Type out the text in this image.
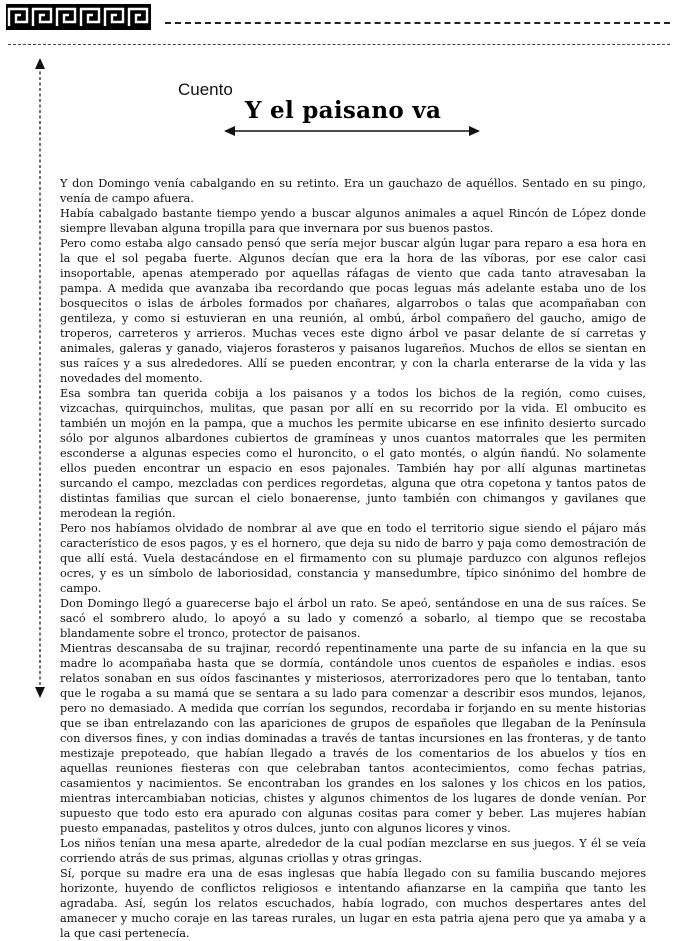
Cuento
Y el paisano va

Y don Domingo venía cabalgando en su retinto. Era un gauchazo de aquéllos. Sentado en su pingo, venía de campo afuera.

Había cabalgado bastante tiempo yendo a buscar algunos animales a aquel Rincón de López donde siempre llevaban alguna tropilla para que invernara por sus buenos pastos.

Pero como estaba algo cansado pensó que sería mejor buscar algún lugar para reparo a esa hora en la que el sol pegaba fuerte. Algunos decían que era la hora de las víboras, por ese calor casi insoportable, apenas atemperado por aquellas ráfagas de viento que cada tanto atravesaban la pampa. A medida que avanzaba iba recordando que pocas leguas más adelante estaba uno de los bosquecitos o islas de árboles formados por chañares, algarrobos o talas que acompañaban con gentileza, y como si estuvieran en una reunión, al ombú, árbol compañero del gaucho, amigo de troperos, carreteros y arrieros. Muchas veces este digno árbol ve pasar delante de sí carretas y animales, galeras y ganado, viajeros forasteros y paisanos lugareños. Muchos de ellos se sientan en sus raíces y a sus alrededores. Allí se pueden encontrar, y con la charla enterarse de la vida y las novedades del momento.

Esa sombra tan querida cobija a los paisanos y a todos los bichos de la región, como cuises, vizcachas, quirquinchos, mulitas, que pasan por allí en su recorrido por la vida. El ombucito es también un mojón en la pampa, que a muchos les permite ubicarse en ese infinito desierto surcado sólo por algunos albardones cubiertos de gramíneas y unos cuantos matorrales que les permiten esconderse a algunas especies como el huroncito, o el gato montés, o algún ñandú. No solamente ellos pueden encontrar un espacio en esos pajonales. También hay por allí algunas martinetas surcando el campo, mezcladas con perdices regordetas, alguna que otra copetona y tantos patos de distintas familias que surcan el cielo bonaerense, junto también con chimangos y gavilanes que merodean la región.

Pero nos habíamos olvidado de nombrar al ave que en todo el territorio sigue siendo el pájaro más característico de esos pagos, y es el hornero, que deja su nido de barro y paja como demostración de que allí está. Vuela destacándose en el firmamento con su plumaje parduzco con algunos reflejos ocres, y es un símbolo de laboriosidad, constancia y mansedumbre, típico sinónimo del hombre de campo.

Don Domingo llegó a guarecerse bajo el árbol un rato. Se apeó, sentándose en una de sus raíces. Se sacó el sombrero aludo, lo apoyó a su lado y comenzó a sobarlo, al tiempo que se recostaba blandamente sobre el tronco, protector de paisanos.

Mientras descansaba de su trajinar, recordó repentinamente una parte de su infancia en la que su madre lo acompañaba hasta que se dormía, contándole unos cuentos de españoles e indias. esos relatos sonaban en sus oídos fascinantes y misteriosos, aterrorizadores pero que lo tentaban, tanto que le rogaba a su mamá que se sentara a su lado para comenzar a describir esos mundos, lejanos, pero no demasiado. A medida que corrían los segundos, recordaba ir forjando en su mente historias que se iban entrelazando con las apariciones de grupos de españoles que llegaban de la Península con diversos fines, y con indias dominadas a través de tantas incursiones en las fronteras, y de tanto mestizaje prepoteado, que habían llegado a través de los comentarios de los abuelos y tíos en aquellas reuniones fiesteras con que celebraban tantos acontecimientos, como fechas patrias, casamientos y nacimientos. Se encontraban los grandes en los salones y los chicos en los patios, mientras intercambiaban noticias, chistes y algunos chimentos de los lugares de donde venían. Por supuesto que todo esto era apurado con algunas cositas para comer y beber. Las mujeres habían puesto empanadas, pastelitos y otros dulces, junto con algunos licores y vinos.

Los niños tenían una mesa aparte, alrededor de la cual podían mezclarse en sus juegos. Y él se veía corriendo atrás de sus primas, algunas criollas y otras gringas.

Sí, porque su madre era una de esas inglesas que había llegado con su familia buscando mejores horizonte, huyendo de conflictos religiosos e intentando afianzarse en la campiña que tanto les agradaba. Así, según los relatos escuchados, había logrado, con muchos despertares antes del amanecer y mucho coraje en las tareas rurales, un lugar en esta patria ajena pero que ya amaba y a la que casi pertenecía.
